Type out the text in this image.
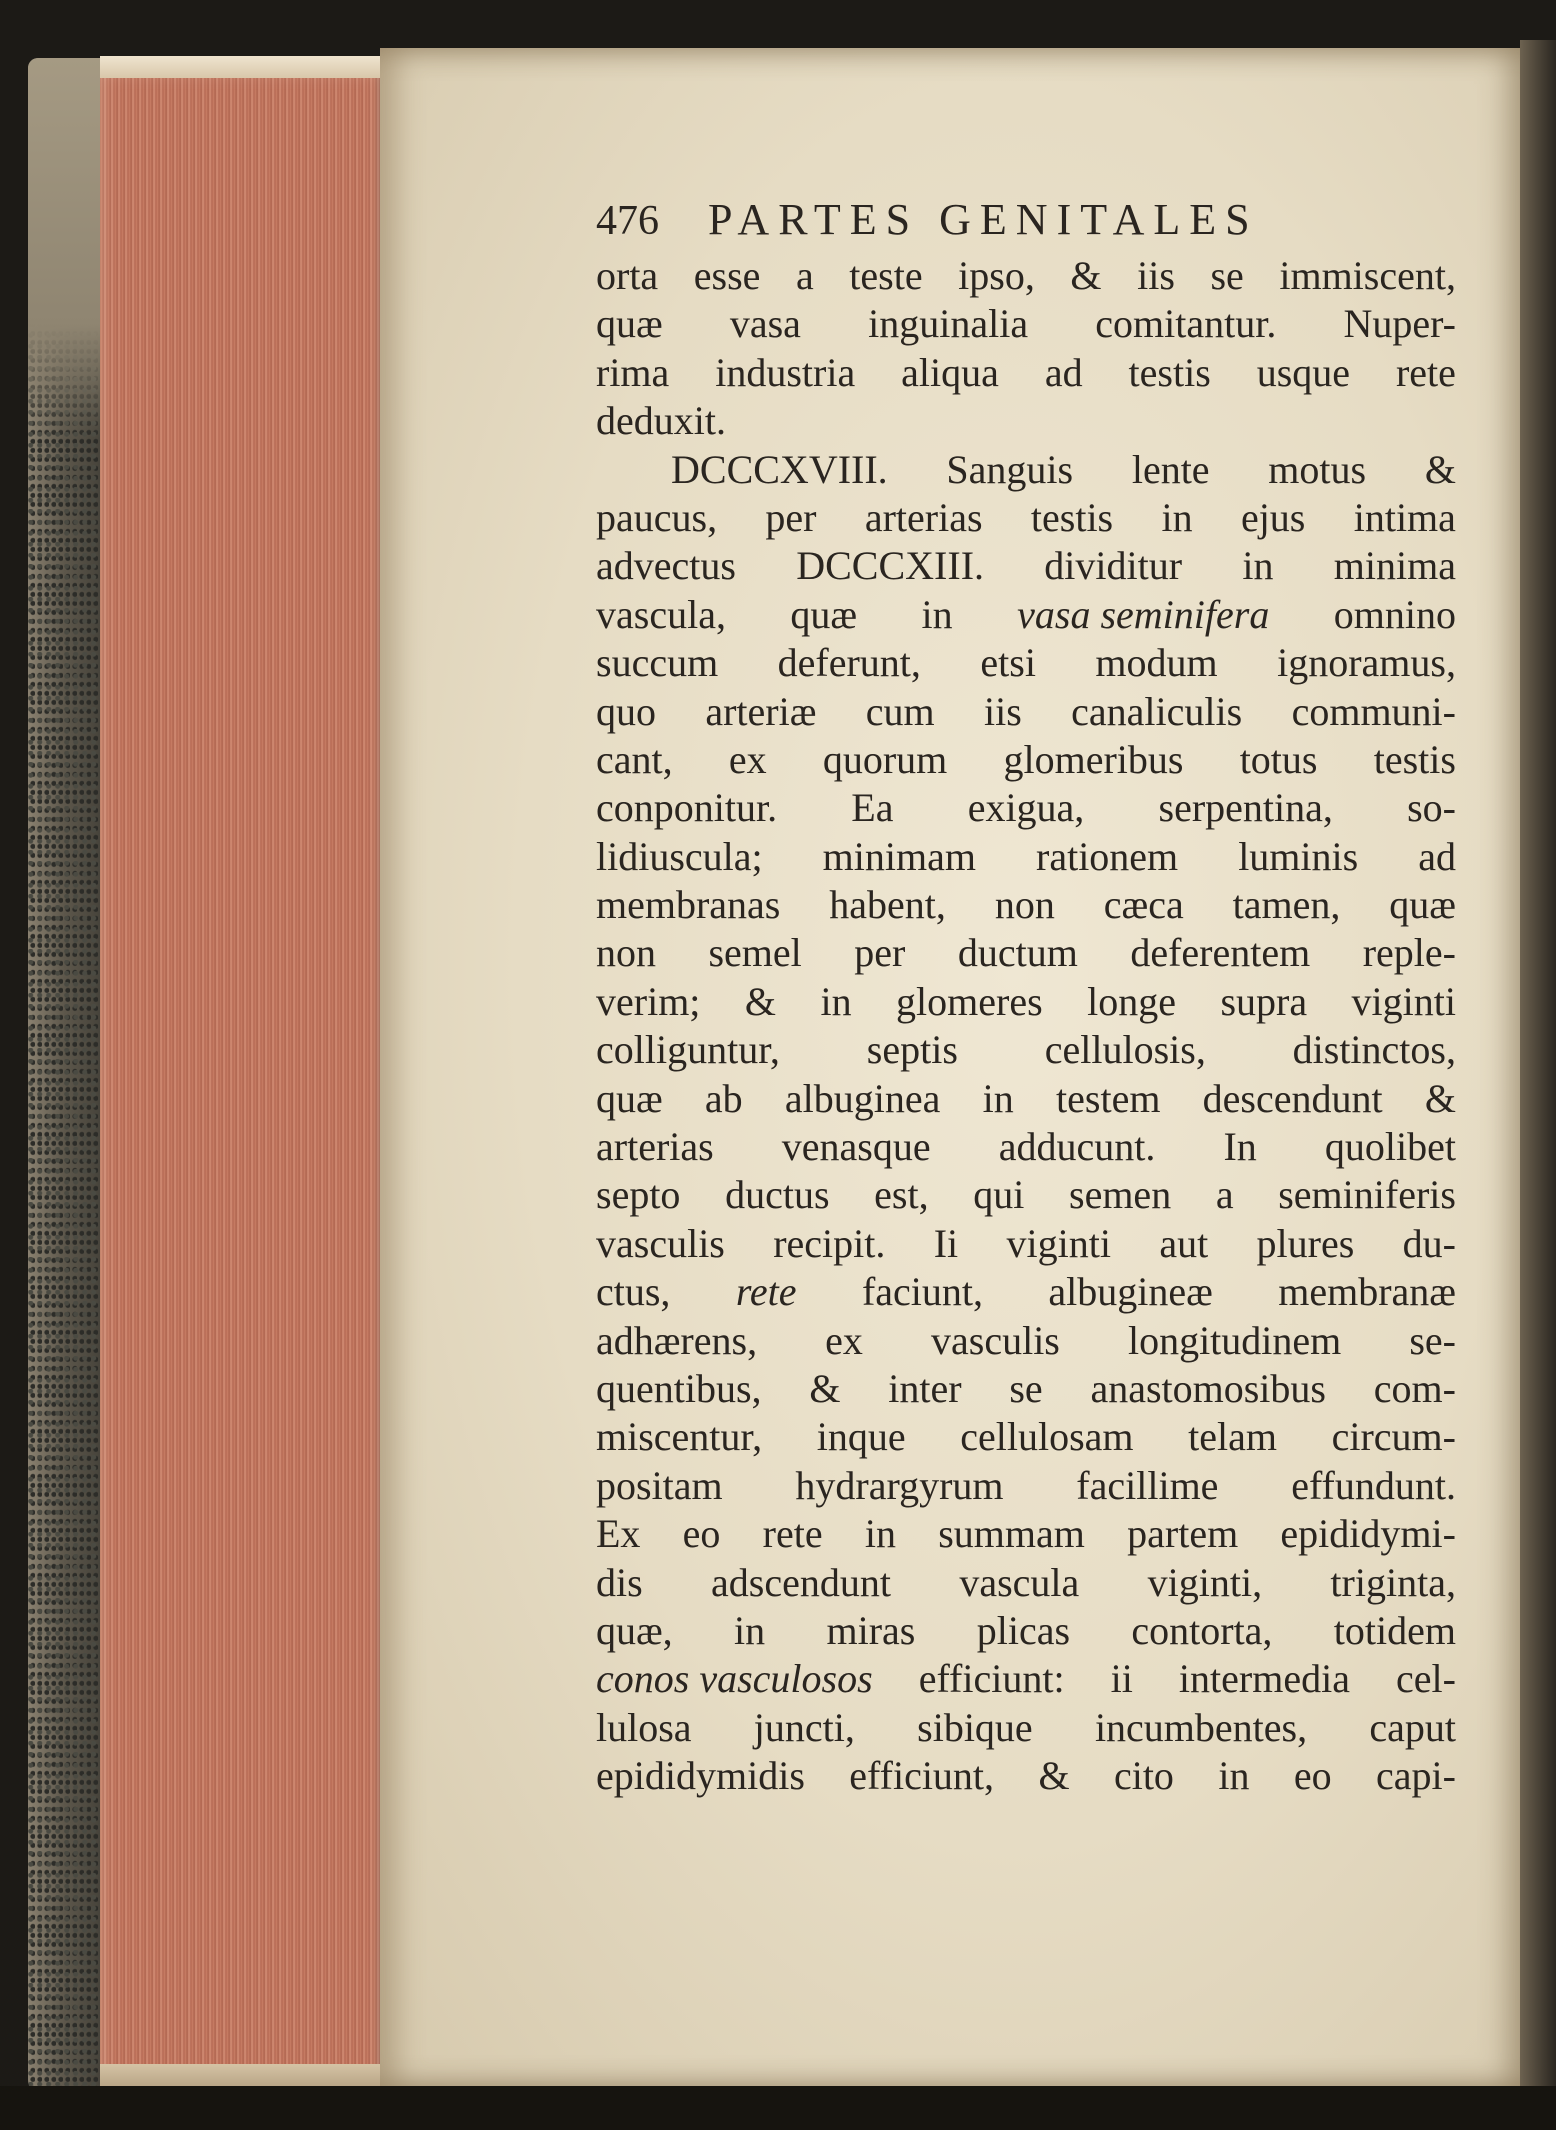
476	PARTES GENITALES
orta esse a teste ipso, & iis se immiscent,
quæ vasa inguinalia comitantur. Nuper-
rima industria aliqua ad testis usque rete
deduxit.
DCCCXVIII. Sanguis lente motus &
paucus, per arterias testis in ejus intima
advectus DCCCXIII. dividitur in minima
vascula, quæ in vasa seminifera omnino
succum deferunt, etsi modum ignoramus,
quo arteriæ cum iis canaliculis communi-
cant, ex quorum glomeribus totus testis
conponitur. Ea exigua, serpentina, so-
lidiuscula; minimam rationem luminis ad
membranas habent, non cæca tamen, quæ
non semel per ductum deferentem reple-
verim; & in glomeres longe supra viginti
colliguntur, septis cellulosis, distinctos,
quæ ab albuginea in testem descendunt &
arterias venasque adducunt. In quolibet
septo ductus est, qui semen a seminiferis
vasculis recipit. Ii viginti aut plures du-
ctus, rete faciunt, albugineæ membranæ
adhærens, ex vasculis longitudinem se-
quentibus, & inter se anastomosibus com-
miscentur, inque cellulosam telam circum-
positam hydrargyrum facillime effundunt.
Ex eo rete in summam partem epididymi-
dis adscendunt vascula viginti, triginta,
quæ, in miras plicas contorta, totidem
conos vasculosos efficiunt: ii intermedia cel-
lulosa juncti, sibique incumbentes, caput
epididymidis efficiunt, & cito in eo capi-
